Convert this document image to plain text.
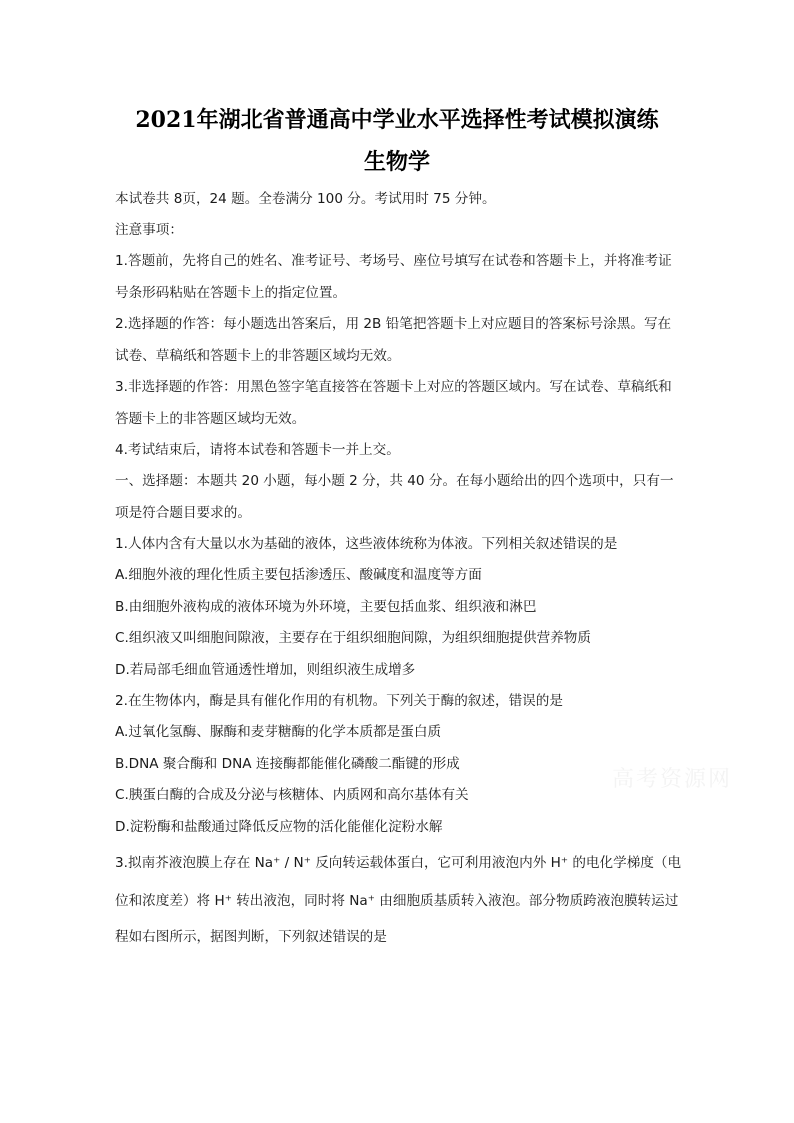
2021年湖北省普通高中学业水平选择性考试模拟演练
生物学
本试卷共 8页，24 题。全卷满分 100 分。考试用时 75 分钟。
注意事项：
1.答题前，先将自己的姓名、准考证号、考场号、座位号填写在试卷和答题卡上，并将准考证
号条形码粘贴在答题卡上的指定位置。
2.选择题的作答：每小题选出答案后，用 2B 铅笔把答题卡上对应题目的答案标号涂黑。写在
试卷、草稿纸和答题卡上的非答题区域均无效。
3.非选择题的作答：用黑色签字笔直接答在答题卡上对应的答题区域内。写在试卷、草稿纸和
答题卡上的非答题区域均无效。
4.考试结束后，请将本试卷和答题卡一并上交。
一、选择题：本题共 20 小题，每小题 2 分，共 40 分。在每小题给出的四个选项中，只有一
项是符合题目要求的。
1.人体内含有大量以水为基础的液体，这些液体统称为体液。下列相关叙述错误的是
A.细胞外液的理化性质主要包括渗透压、酸碱度和温度等方面
B.由细胞外液构成的液体环境为外环境，主要包括血浆、组织液和淋巴
C.组织液又叫细胞间隙液，主要存在于组织细胞间隙，为组织细胞提供营养物质
D.若局部毛细血管通透性增加，则组织液生成增多
2.在生物体内，酶是具有催化作用的有机物。下列关于酶的叙述，错误的是
A.过氧化氢酶、脲酶和麦芽糖酶的化学本质都是蛋白质
B.DNA 聚合酶和 DNA 连接酶都能催化磷酸二酯键的形成
C.胰蛋白酶的合成及分泌与核糖体、内质网和高尔基体有关
D.淀粉酶和盐酸通过降低反应物的活化能催化淀粉水解
3.拟南芥液泡膜上存在 Na⁺ / N⁺ 反向转运载体蛋白，它可利用液泡内外 H⁺ 的电化学梯度（电
位和浓度差）将 H⁺ 转出液泡，同时将 Na⁺ 由细胞质基质转入液泡。部分物质跨液泡膜转运过
程如右图所示，据图判断，下列叙述错误的是
高考资源网
